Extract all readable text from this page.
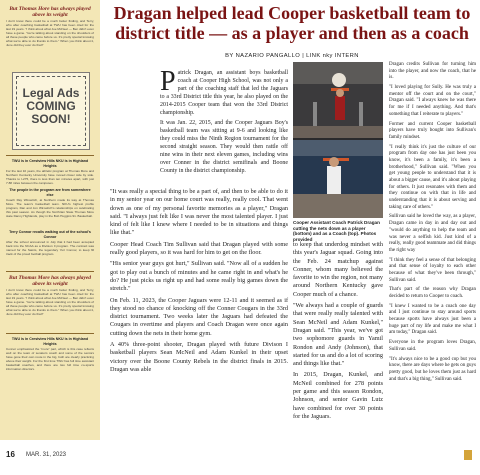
But Thomas Hore has always played above its weight

I don't know there could be a much better finding, and Terry, who after coaching basketball at TWU has been cited for the last 19 years. "I think about what Joe McNeel — Ben didn't even have a game. You're talking about standing on the shoulders of all these people who came before us. It's pretty special knowing what we're able to do thanks to them." When you think about it, June did they ever do that?

Legal Ads COMING SOON!

TWU is in Crestview Hills NKU is in Highland Heights

For the last 10 years, the athletic program at Thomas More and Northern Kentucky University have moved closer side by side. Thanks to I-275, there is less than ten minutes apart, with just 7.88 miles between the campuses.

The people in the program are from somewhere else

Coach Ray Wirowitch, at Northern made its way at Thomas More. The team's basketball team. NKU's highest profile program, Dan and Jon Wirowitch's relationships on celebrating this past season. As though the Northrian State Thomas More state Danny Highlands, play in the Bob Huggins 91. Basketball.

Terry Connor recalls walking out of the school's Connor

After the school announced in July that it had been accepted back into the NCAA as a Division II program. The contract was named for the Saints, the legendary Yuri Connor, to keep fill track of the proud football program.

But Thomas More has always played above its weight

I don't know there could be a much better finding, and Terry, who after coaching basketball at TWU has been cited for the last 19 years. "I think about what Joe McNeel — Ben didn't even have a game. You're talking about standing on the shoulders of all these people who came before us. It's pretty special knowing what we're able to do thanks to them." When you think about it, June did they ever do that?

TWU is in Crestview Hills NKU is in Highland Heights

Connor emphasized the "more" part, which is this case reflects well on the team of senators coach and some of the seniors have gone their own route in the big, both are clearly practicing above their weight. For the first time TWU has full time assistant basketball coaches, and there are two full time co-sports information directors.

Dragan helped lead Cooper basketball team to district title — as a player and then as a coach
BY NAZARIO PANGALLO | LINK nky INTERN

Patrick Dragan, an assistant boys basketball coach at Cooper High School, was not only a part of the coaching staff that led the Jaguars to a 33rd District title this year, he also played on the 2014-2015 Cooper team that won the 33rd District championship.

It was Jan. 22, 2015, and the Cooper Jaguars Boy's basketball team was sitting at 9-6 and looking like they could miss the Ninth Region tournament for the second straight season. They would then rattle off nine wins in their next eleven games, including wins over Conner in the district semifinals and Boone County in the district championship.

"It was really a special thing to be a part of, and then to be able to do it in my senior year on our home court was really, really cool. That went down as one of my personal favorite memories as a player," Dragan said. "I always just felt like I was never the most talented player. I just kind of felt like I knew where I needed to be in situations and things like that."

Cooper Head Coach Tim Sullivan said that Dragan played with some really good players, so it was hard for him to get on the floor.

"His senior year guys got hurt," Sullivan said. "Now all of a sudden he got to play out a bunch of minutes and he came right in and what's he do? He just picks us right up and had some really big games down the stretch."

On Feb. 11, 2023, the Cooper Jaguars were 12-11 and it seemed as if they stood no chance of knocking off the Conner Cougars in the 33rd district tournament. Two weeks later the Jaguars had defeated the Cougars in overtime and players and Coach Dragan were once again cutting down the nets in their home gym.

A 40% three-point shooter, Dragan played with future Divison I basketball players Sean McNeil and Adam Kunkel in their upset victory over the Boone County Rebels in the district finals in 2015. Dragan was able

Cooper Assistant Coach Patrick Dragan cutting the nets down as a player (bottom) and as a Coach (top). Photos provided

to keep that underdog mindset with this year's Jaguar squad. Going into the Feb. 24 matchup against Conner, whom many believed the favorite to win the region, not many around Northern Kentucky gave Cooper much of a chance.

"We always had a couple of guards that were really really talented with Sean McNeil and Adam Kunkel," Dragan said. "This year, we've got two sophomore guards in Yamil Rondon and Andy (Johnson), that started for us and do a lot of scoring and things like that."

In 2015, Dragan, Kunkel, and McNeil combined for 278 points per game and this season Rondon, Johnson, and senior Gavin Lutz have combined for over 30 points for the Jaguars.

Dragan credits Sullivan for turning him into the player, and now the coach, that he is.

"I loved playing for Sully. He was truly a mentor off the court and on the court," Dragan said. "I always knew he was there for me if I needed anything. And that's something that I reiterate to players."

Former and current Cooper basketball players have truly bought into Sullivan's family mindset.

"I really think it's just the culture of our program from day one has just been you know, it's been a family, it's been a brotherhood," Sullivan said. "When you get young people to understand that it is about a bigger cause, and it's about playing for others. It just resonates with them and they continue on with that in life and understanding that it is about serving and taking care of others."

Sullivan said he loved the way, as a player, Dragan came in day in and day out and "would do anything to help the team and was never a selfish kid. Just kind of a really, really good teammate and did things the right way

"I think they feel a sense of that belonging and that sense of loyalty to each other because of what they've been through," Sullivan said.

That's part of the reason why Dragan decided to return to Cooper to coach.

"I knew I wanted to be a coach one day and I just continue to stay around sports because sports have always just been a huge part of my life and make me what I am today," Dragan said.

Everyone in the program loves Dragan, Sullivan said.

"It's always nice to be a good cop but you know, there are days where he gets on guys pretty good, but he loves them just as hard and that's a big thing," Sullivan said.

16 MAR. 31, 2023
